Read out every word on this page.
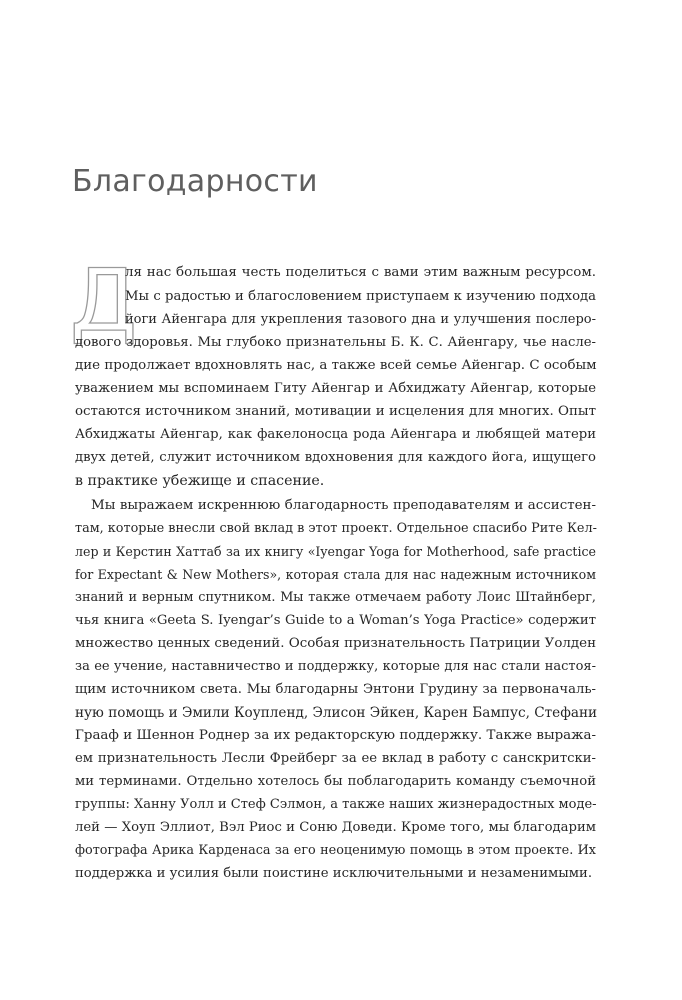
Благодарности
Д
ля нас большая честь поделиться с вами этим важным ресурсом.
Мы с радостью и благословением приступаем к изучению подхода
йоги Айенгара для укрепления тазового дна и улучшения послеро-
дового здоровья. Мы глубоко признательны Б. К. С. Айенгару, чье насле-
дие продолжает вдохновлять нас, а также всей семье Айенгар. С особым
уважением мы вспоминаем Гиту Айенгар и Абхиджату Айенгар, которые
остаются источником знаний, мотивации и исцеления для многих. Опыт
Абхиджаты Айенгар, как факелоносца рода Айенгара и любящей матери
двух детей, служит источником вдохновения для каждого йога, ищущего
в практике убежище и спасение.
Мы выражаем искреннюю благодарность преподавателям и ассистен-
там, которые внесли свой вклад в этот проект. Отдельное спасибо Рите Кел-
лер и Керстин Хаттаб за их книгу «Iyengar Yoga for Motherhood, safe practice
for Expectant & New Mothers», которая стала для нас надежным источником
знаний и верным спутником. Мы также отмечаем работу Лоис Штайнберг,
чья книга «Geeta S. Iyengar’s Guide to a Woman’s Yoga Practice» содержит
множество ценных сведений. Особая признательность Патриции Уолден
за ее учение, наставничество и поддержку, которые для нас стали настоя-
щим источником света. Мы благодарны Энтони Грудину за первоначаль-
ную помощь и Эмили Коупленд, Элисон Эйкен, Карен Бампус, Стефани
Грааф и Шеннон Роднер за их редакторскую поддержку. Также выража-
ем признательность Лесли Фрейберг за ее вклад в работу с санскритски-
ми терминами. Отдельно хотелось бы поблагодарить команду съемочной
группы: Ханну Уолл и Стеф Сэлмон, а также наших жизнерадостных моде-
лей — Хоуп Эллиот, Вэл Риос и Соню Доведи. Кроме того, мы благодарим
фотографа Арика Карденаса за его неоценимую помощь в этом проекте. Их
поддержка и усилия были поистине исключительными и незаменимыми.
